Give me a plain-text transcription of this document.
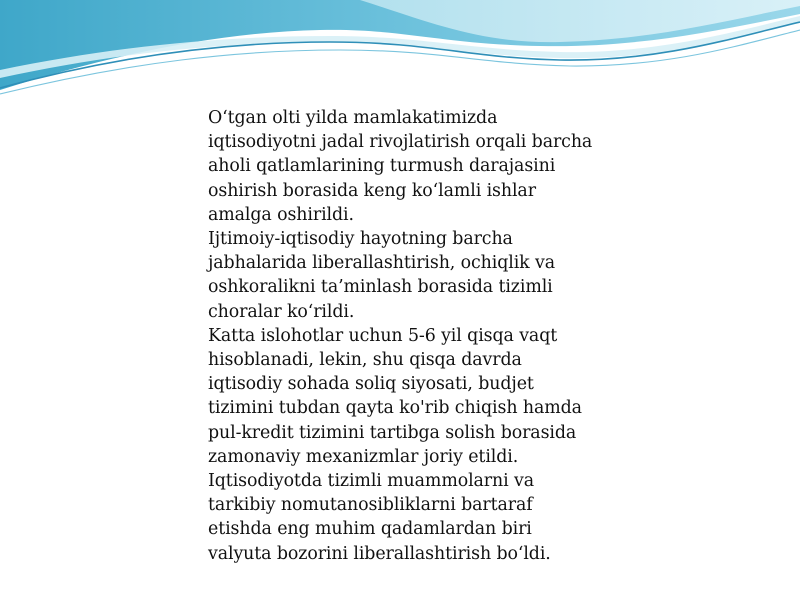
O‘tgan olti yilda mamlakatimizda iqtisodiyotni jadal rivojlatirish orqali barcha aholi qatlamlarining turmush darajasini oshirish borasida keng ko‘lamli ishlar amalga oshirildi.

Ijtimoiy-iqtisodiy hayotning barcha jabhalarida liberallashtirish, ochiqlik va oshkoralikni ta’minlash borasida tizimli choralar ko‘rildi.

Katta islohotlar uchun 5-6 yil qisqa vaqt hisoblanadi, lekin, shu qisqa davrda iqtisodiy sohada soliq siyosati, budjet tizimini tubdan qayta ko'rib chiqish hamda pul-kredit tizimini tartibga solish borasida zamonaviy mexanizmlar joriy etildi. Iqtisodiyotda tizimli muammolarni va tarkibiy nomutanosibliklarni bartaraf etishda eng muhim qadamlardan biri valyuta bozorini liberallashtirish bo‘ldi.
